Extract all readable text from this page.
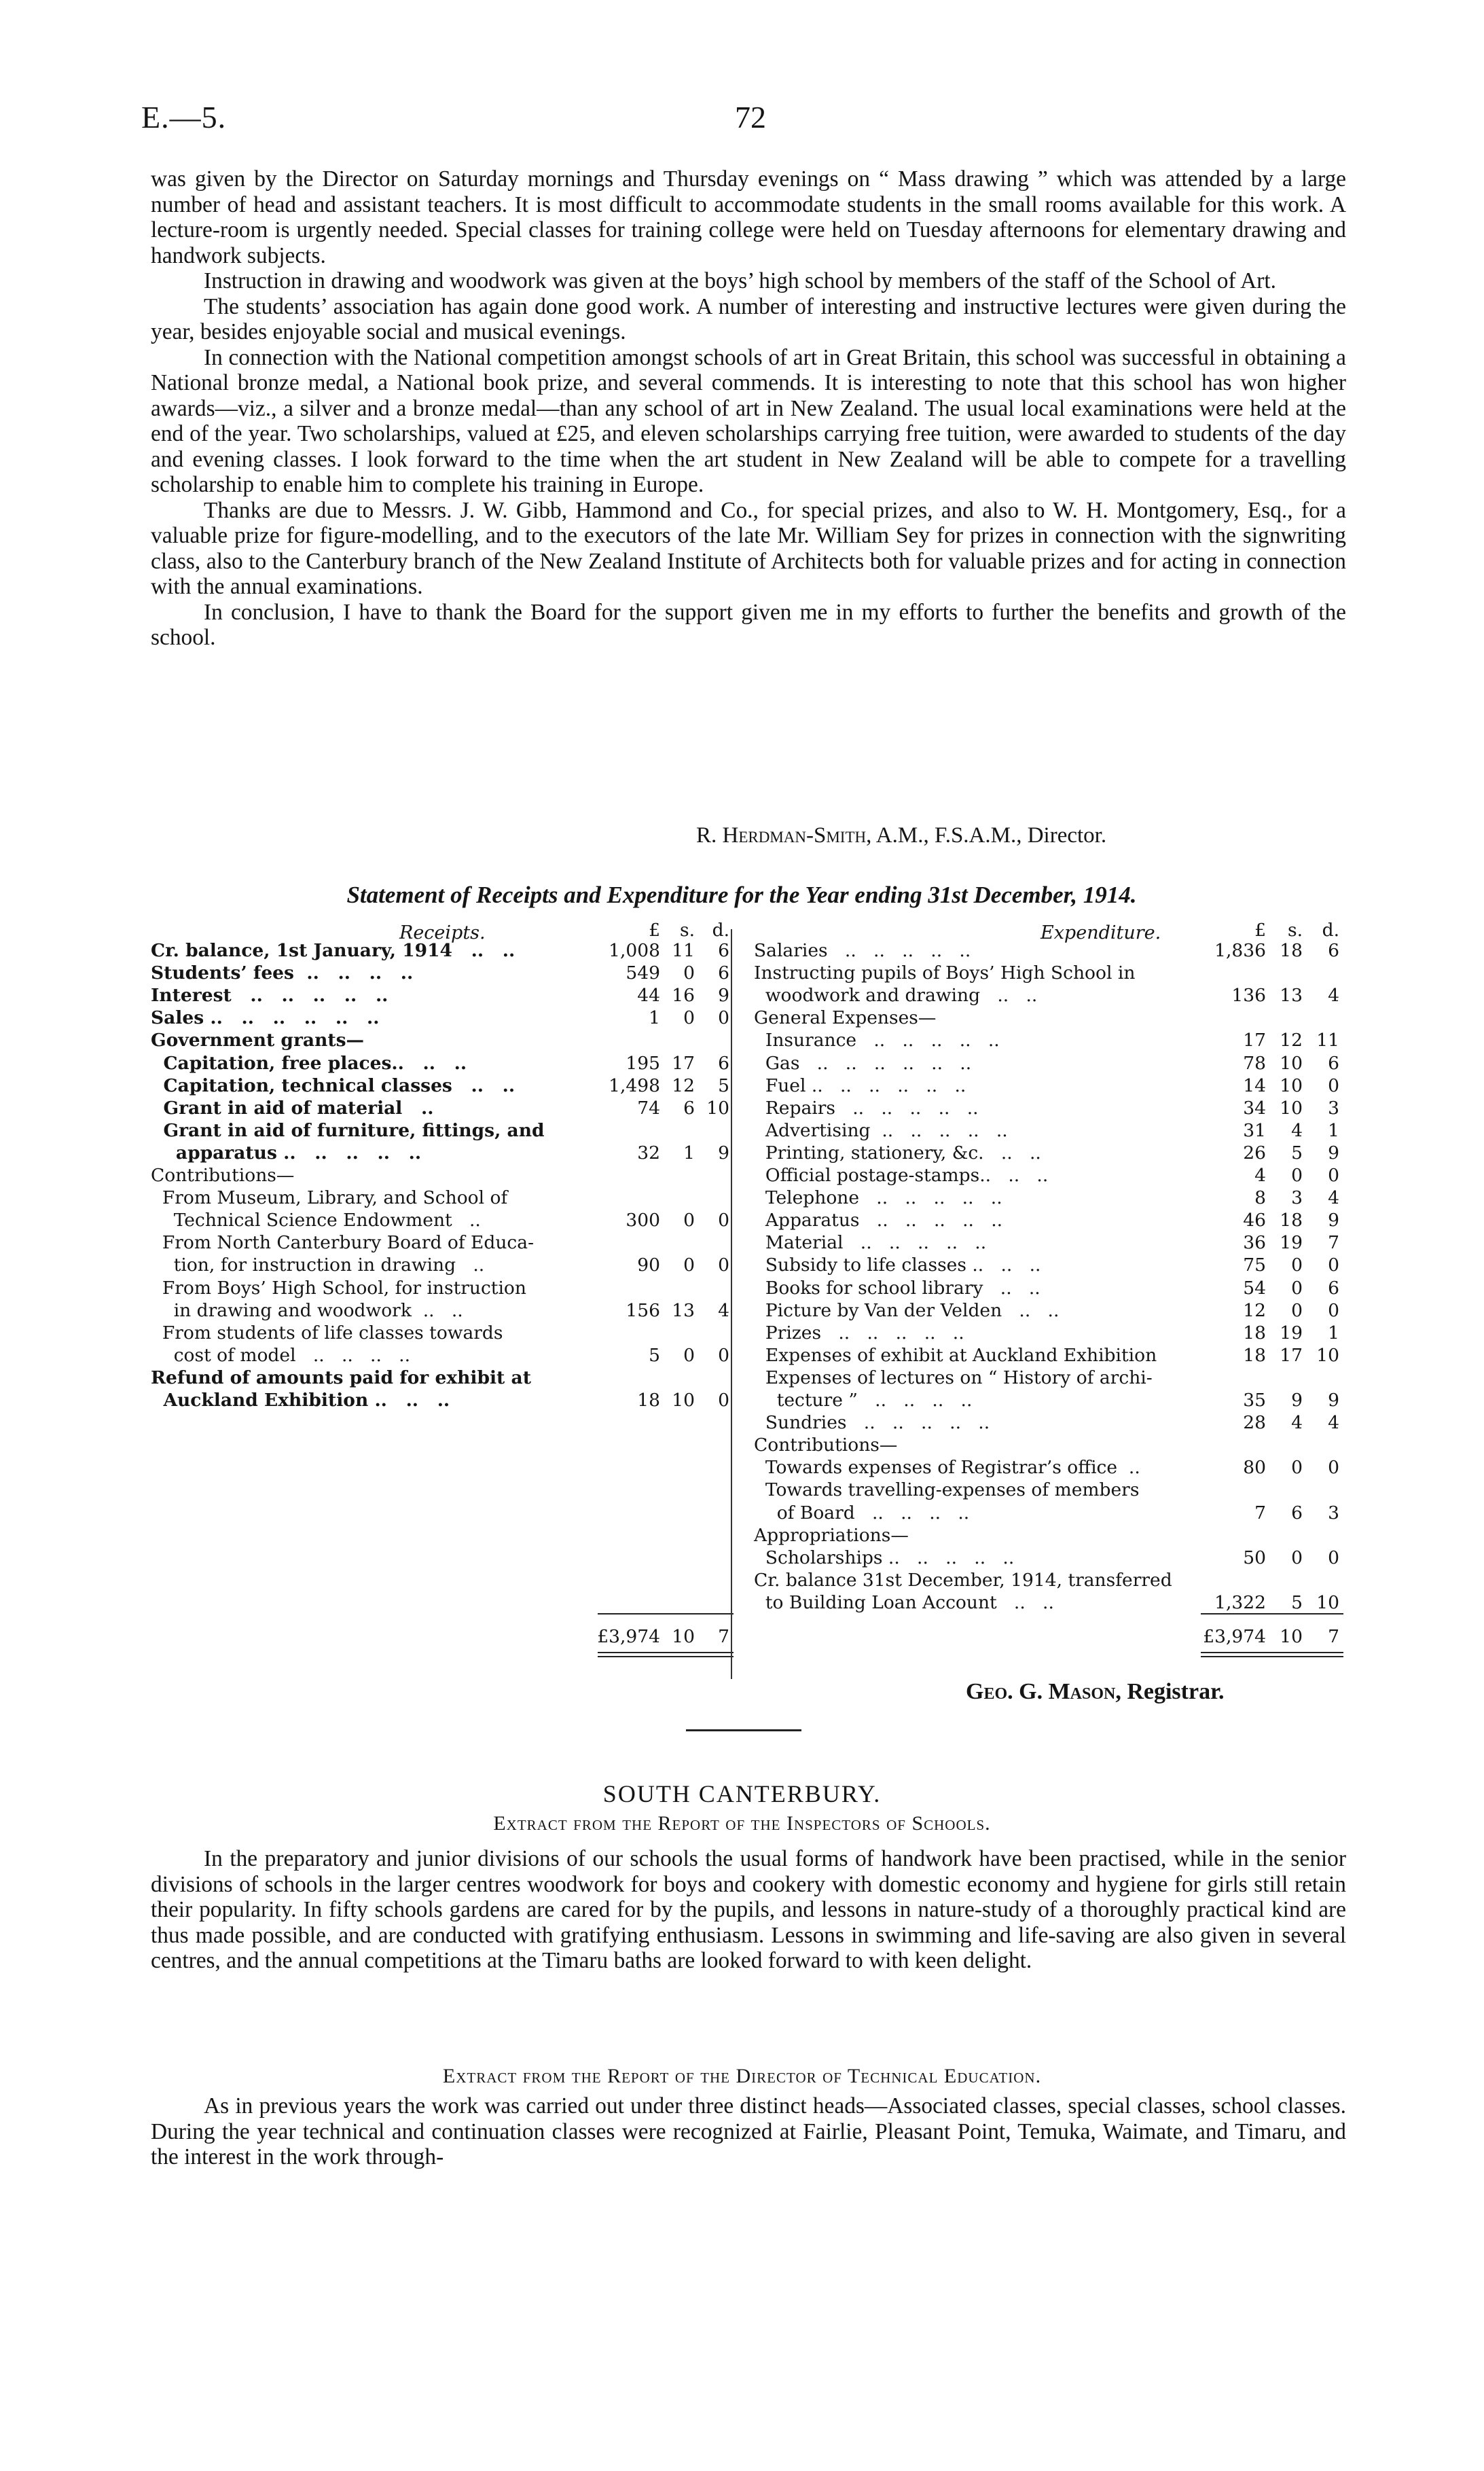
E.—5.	72

was given by the Director on Saturday mornings and Thursday evenings on “ Mass drawing ” which was attended by a large number of head and assistant teachers. It is most difficult to accommodate students in the small rooms available for this work. A lecture-room is urgently needed. Special classes for training college were held on Tuesday afternoons for elementary drawing and handwork subjects.

Instruction in drawing and woodwork was given at the boys’ high school by members of the staff of the School of Art.

The students’ association has again done good work. A number of interesting and instructive lectures were given during the year, besides enjoyable social and musical evenings.

In connection with the National competition amongst schools of art in Great Britain, this school was successful in obtaining a National bronze medal, a National book prize, and several commends. It is interesting to note that this school has won higher awards—viz., a silver and a bronze medal—than any school of art in New Zealand. The usual local examinations were held at the end of the year. Two scholarships, valued at £25, and eleven scholarships carrying free tuition, were awarded to students of the day and evening classes. I look forward to the time when the art student in New Zealand will be able to compete for a travelling scholarship to enable him to complete his training in Europe.

Thanks are due to Messrs. J. W. Gibb, Hammond and Co., for special prizes, and also to W. H. Montgomery, Esq., for a valuable prize for figure-modelling, and to the executors of the late Mr. William Sey for prizes in connection with the signwriting class, also to the Canterbury branch of the New Zealand Institute of Architects both for valuable prizes and for acting in connection with the annual examinations.

In conclusion, I have to thank the Board for the support given me in my efforts to further the benefits and growth of the school.

R. Herdman-Smith, A.M., F.S.A.M., Director.
Statement of Receipts and Expenditure for the Year ending 31st December, 1914.
Receipts.	Expenditure.
£	s. d.	£	s.	d.
Cr. balance, 1st January, 1914   ..   ..	1,008 11	6
Students’ fees  ..   ..   ..   ..	549	0	6
Interest   ..   ..   ..   ..   ..	44 16	9
Sales ..   ..   ..   ..   ..   ..	1	0	0
Government grants—
Capitation, free places..   ..   ..	195 17	6
Capitation, technical classes   ..   ..	1,498 12	5
Grant in aid of material   ..	74	6 10
Grant in aid of furniture, fittings, and
apparatus ..   ..   ..   ..   ..	32	1	9
Contributions—
From Museum, Library, and School of
Technical Science Endowment   ..	300	0	0
From North Canterbury Board of Educa-
tion, for instruction in drawing   ..	90	0	0
From Boys’ High School, for instruction
in drawing and woodwork  ..   ..	156 13	4
From students of life classes towards
cost of model   ..   ..   ..   ..	5	0	0
Refund of amounts paid for exhibit at
Auckland Exhibition ..   ..   ..	18 10	0
Salaries   ..   ..   ..   ..   ..	1,836 18	6
Instructing pupils of Boys’ High School in
woodwork and drawing   ..   ..	136 13	4
General Expenses—
Insurance   ..   ..   ..   ..   ..	17 12 11
Gas   ..   ..   ..   ..   ..   ..	78 10	6
Fuel ..   ..   ..   ..   ..   ..	14 10	0
Repairs   ..   ..   ..   ..   ..	34 10	3
Advertising  ..   ..   ..   ..   ..	31	4	1
Printing, stationery, &c.   ..   ..	26	5	9
Official postage-stamps..   ..   ..	4	0	0
Telephone   ..   ..   ..   ..   ..	8	3	4
Apparatus   ..   ..   ..   ..   ..	46 18	9
Material   ..   ..   ..   ..   ..	36 19	7
Subsidy to life classes ..   ..   ..	75	0	0
Books for school library   ..   ..	54	0	6
Picture by Van der Velden   ..   ..	12	0	0
Prizes   ..   ..   ..   ..   ..	18 19	1
Expenses of exhibit at Auckland Exhibition	18 17 10
Expenses of lectures on “ History of archi-
tecture ”   ..   ..   ..   ..	35	9	9
Sundries   ..   ..   ..   ..   ..	28	4	4
Contributions—
Towards expenses of Registrar’s office  ..	80	0	0
Towards travelling-expenses of members
of Board   ..   ..   ..   ..	7	6	3
Appropriations—
Scholarships ..   ..   ..   ..   ..	50	0	0
Cr. balance 31st December, 1914, transferred
to Building Loan Account   ..   ..	1,322	5 10
£3,974 10	7	£3,974 10	7
Geo. G. Mason, Registrar.
SOUTH CANTERBURY.
Extract from the Report of the Inspectors of Schools.

In the preparatory and junior divisions of our schools the usual forms of handwork have been practised, while in the senior divisions of schools in the larger centres woodwork for boys and cookery with domestic economy and hygiene for girls still retain their popularity. In fifty schools gardens are cared for by the pupils, and lessons in nature-study of a thoroughly practical kind are thus made possible, and are conducted with gratifying enthusiasm. Lessons in swimming and life-saving are also given in several centres, and the annual competitions at the Timaru baths are looked forward to with keen delight.

Extract from the Report of the Director of Technical Education.

As in previous years the work was carried out under three distinct heads—Associated classes, special classes, school classes. During the year technical and continuation classes were recognized at Fairlie, Pleasant Point, Temuka, Waimate, and Timaru, and the interest in the work through-
